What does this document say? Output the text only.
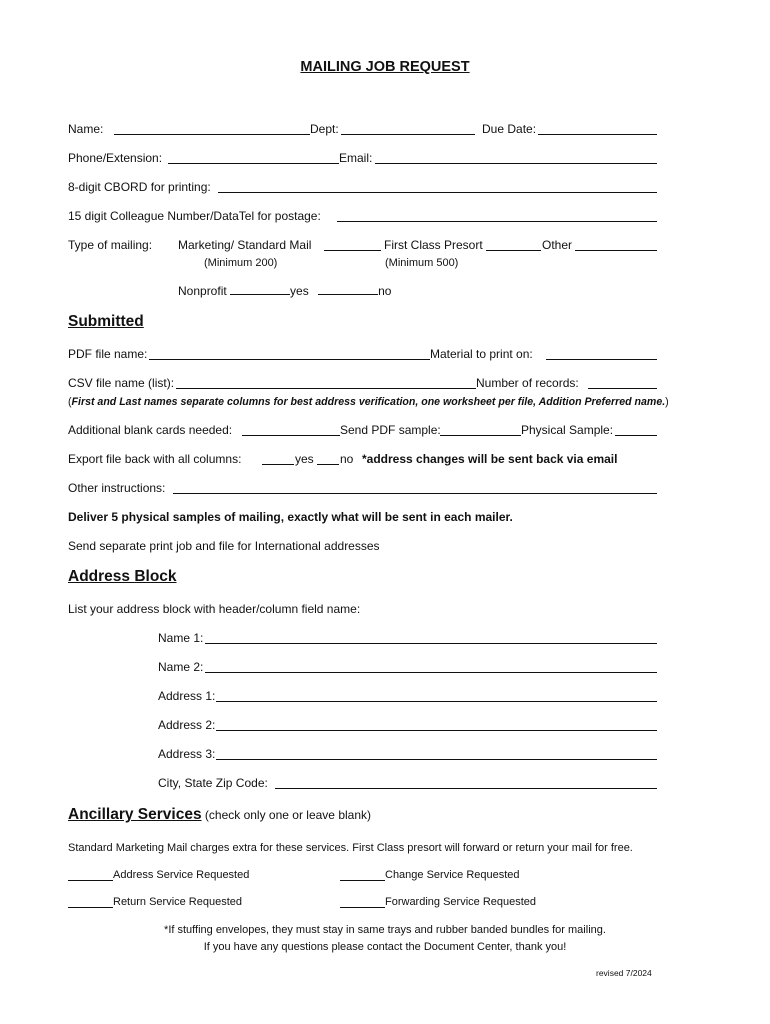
MAILING JOB REQUEST
Name:	Dept:	Due Date:
Phone/Extension:	Email:
8-digit CBORD for printing:
15 digit Colleague Number/DataTel for postage:
Type of mailing: Marketing/ Standard Mail	First Class Presort	Other
(Minimum 200)	(Minimum 500)
Nonprofit	yes	no
Submitted
PDF file name:	Material to print on:
CSV file name (list):	Number of records:
(First and Last names separate columns for best address verification, one worksheet per file, Addition Preferred name.)
Additional blank cards needed:	Send PDF sample:	Physical Sample:
Export file back with all columns:	yes no *address changes will be sent back via email
Other instructions:
Deliver 5 physical samples of mailing, exactly what will be sent in each mailer.
Send separate print job and file for International addresses
Address Block
List your address block with header/column field name:
Name 1:
Name 2:
Address 1:
Address 2:
Address 3:
City, State Zip Code:
Ancillary Services (check only one or leave blank)
Standard Marketing Mail charges extra for these services. First Class presort will forward or return your mail for free.
Address Service Requested	Change Service Requested
Return Service Requested	Forwarding Service Requested
*If stuffing envelopes, they must stay in same trays and rubber banded bundles for mailing.
If you have any questions please contact the Document Center, thank you!
revised 7/2024
